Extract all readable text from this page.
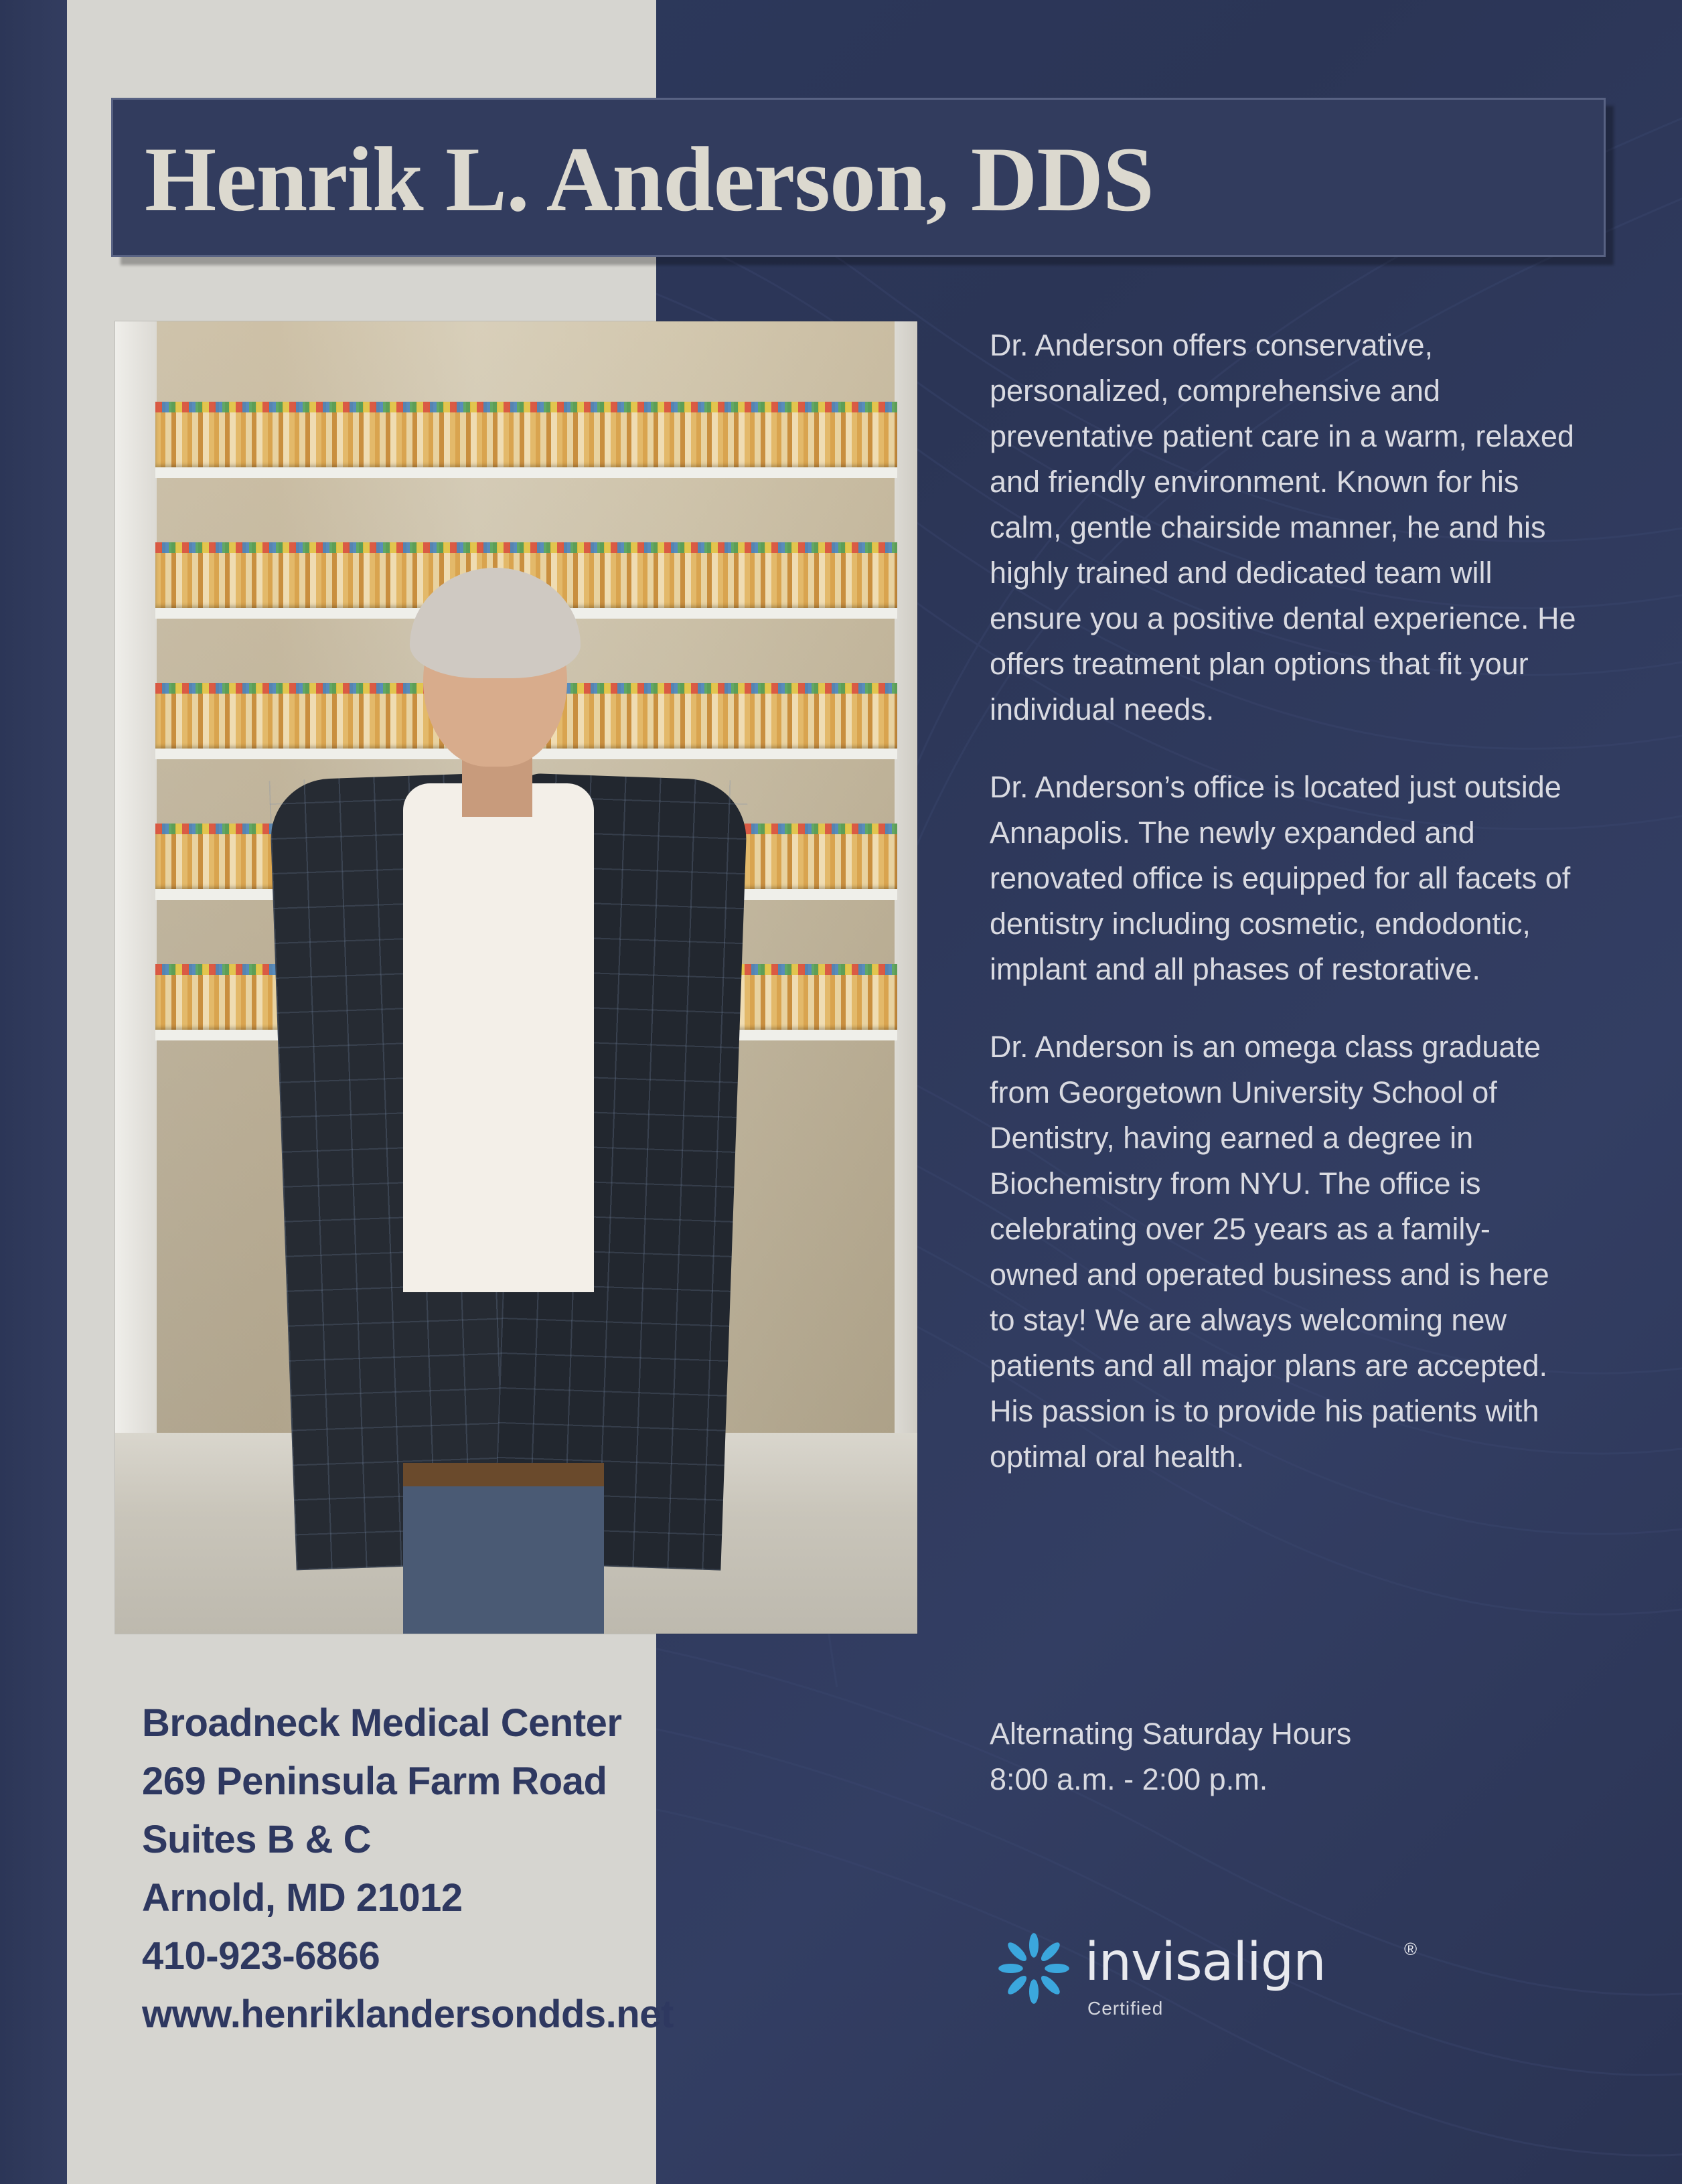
Henrik L. Anderson, DDS
Broadneck Medical Center
269 Peninsula Farm Road
Suites B & C
Arnold, MD 21012
410-923-6866
www.henriklandersondds.net

Dr. Anderson offers conservative, personalized, comprehensive and preventative patient care in a warm, relaxed and friendly environment. Known for his calm, gentle chairside manner, he and his highly trained and dedicated team will ensure you a positive dental experience. He offers treatment plan options that fit your individual needs.

Dr. Anderson’s office is located just outside Annapolis. The newly expanded and renovated office is equipped for all facets of dentistry including cosmetic, endodontic, implant and all phases of restorative.

Dr. Anderson is an omega class graduate from Georgetown University School of Dentistry, having earned a degree in Biochemistry from NYU. The office is celebrating over 25 years as a family-owned and operated business and is here to stay! We are always welcoming new patients and all major plans are accepted. His passion is to provide his patients with optimal oral health.

Alternating Saturday Hours
8:00 a.m. - 2:00 p.m.
invisalign	®
Certified
